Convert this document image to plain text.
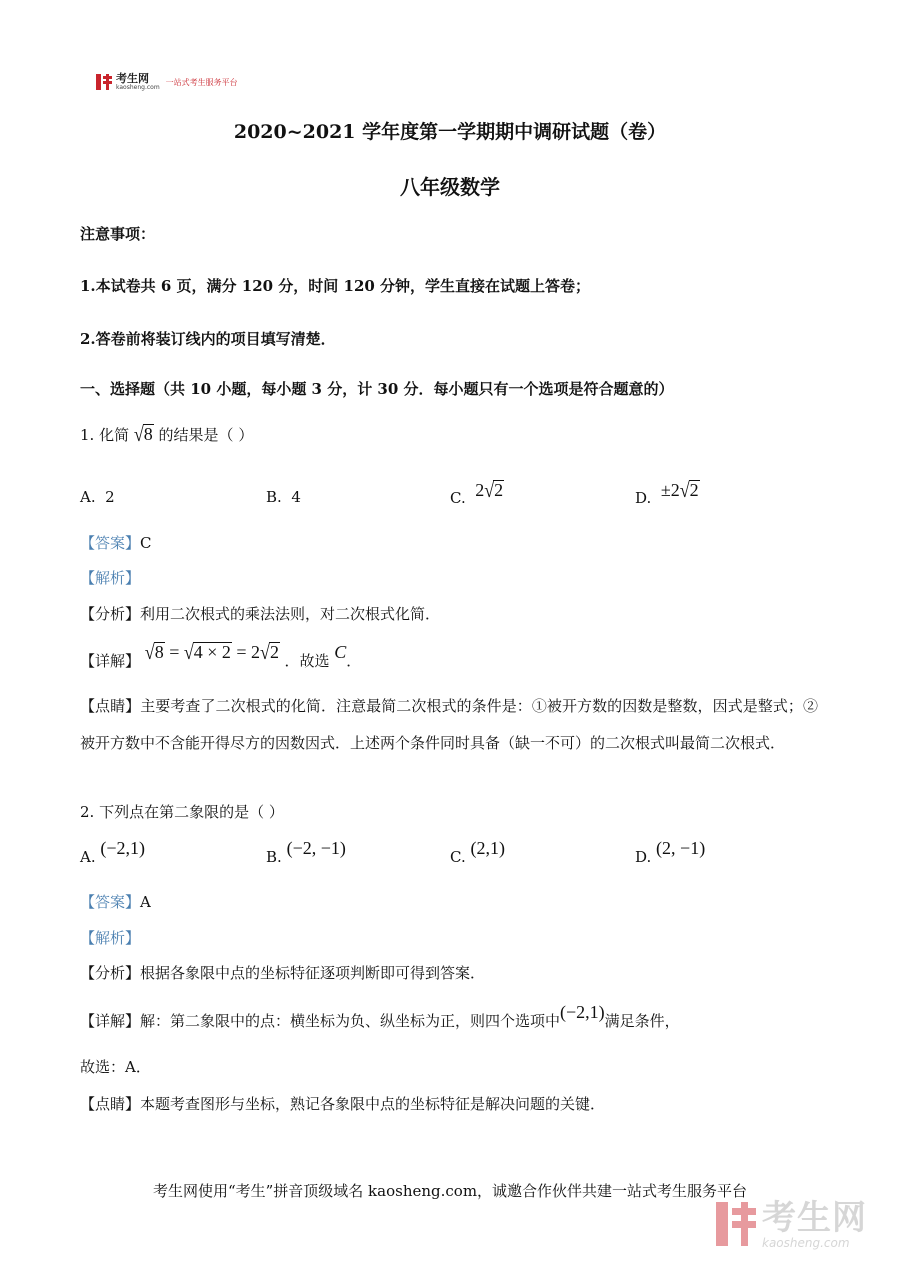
考生网
kaosheng.com
一站式考生服务平台
2020~2021 学年度第一学期期中调研试题（卷）
八年级数学
注意事项：
1.本试卷共 6 页，满分 120 分，时间 120 分钟，学生直接在试题上答卷；
2.答卷前将装订线内的项目填写清楚．
一、选择题（共 10 小题，每小题 3 分，计 30 分．每小题只有一个选项是符合题意的）
1. 化简 √8 的结果是（ ）
A. 2	B. 4	C. 2√2	D. ±2√2
【答案】C
【解析】
【分析】利用二次根式的乘法法则，对二次根式化简．
【详解】 √8 = √4 × 2 = 2√2 ．故选 C．
【点睛】主要考查了二次根式的化简．注意最简二次根式的条件是：①被开方数的因数是整数，因式是整式；②被开方数中不含能开得尽方的因数因式．上述两个条件同时具备（缺一不可）的二次根式叫最简二次根式．
2. 下列点在第二象限的是（ ）
A. (−2,1)	B. (−2, −1)	C. (2,1)	D. (2, −1)
【答案】A
【解析】
【分析】根据各象限中点的坐标特征逐项判断即可得到答案．
【详解】解：第二象限中的点：横坐标为负、纵坐标为正，则四个选项中(−2,1)满足条件，
故选：A．
【点睛】本题考查图形与坐标，熟记各象限中点的坐标特征是解决问题的关键．
考生网使用“考生”拼音顶级域名 kaosheng.com，诚邀合作伙伴共建一站式考生服务平台
考生网
kaosheng.com
